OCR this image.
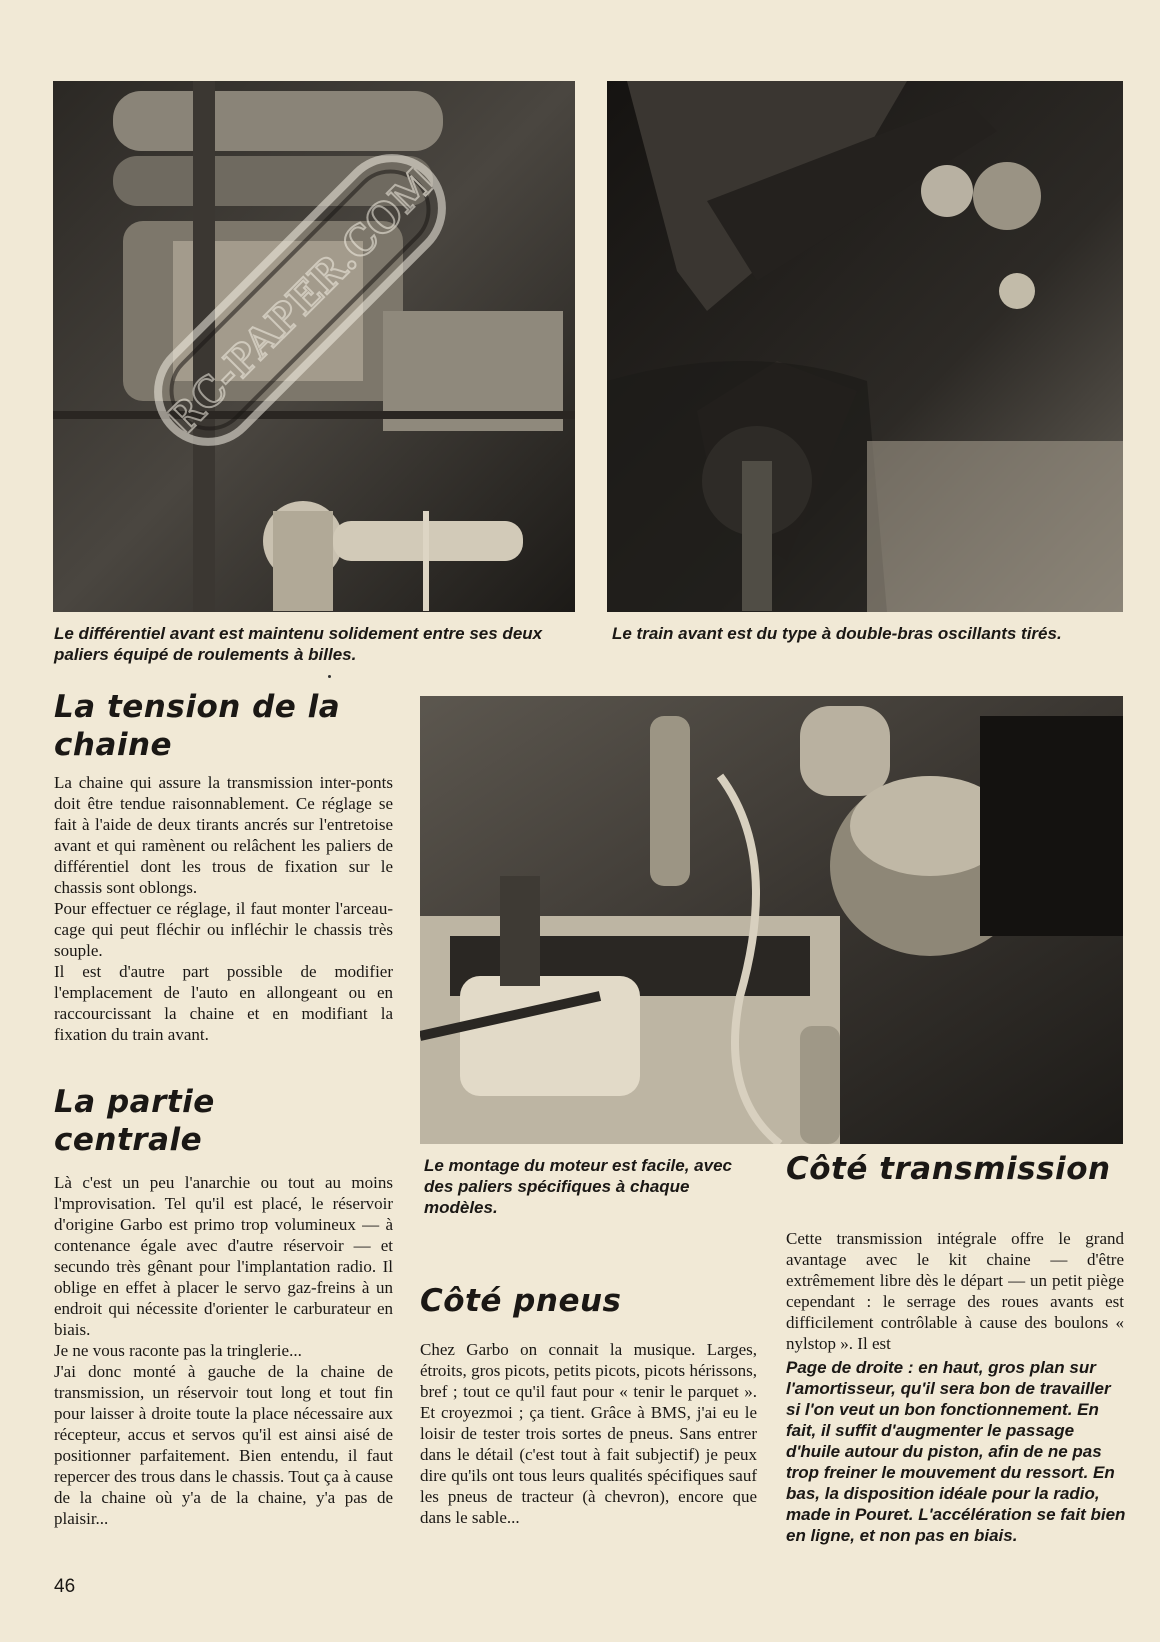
RC-PAPER.COM
Le différentiel avant est maintenu solidement entre ses deux paliers équipé de roulements à billes.
Le train avant est du type à double-bras oscillants tirés.
La tension de la chaine

La chaine qui assure la transmission inter-ponts doit être tendue raisonnablement. Ce réglage se fait à l'aide de deux tirants ancrés sur l'entretoise avant et qui ramènent ou relâchent les paliers de différentiel dont les trous de fixation sur le chassis sont oblongs.

Pour effectuer ce réglage, il faut monter l'arceau-cage qui peut fléchir ou infléchir le chassis très souple.

Il est d'autre part possible de modifier l'emplacement de l'auto en allongeant ou en raccourcissant la chaine et en modifiant la fixation du train avant.

La partie centrale

Là c'est un peu l'anarchie ou tout au moins l'mprovisation. Tel qu'il est placé, le réservoir d'origine Garbo est primo trop volumineux — à contenance égale avec d'autre réservoir — et secundo très gênant pour l'implantation radio. Il oblige en effet à placer le servo gaz-freins à un endroit qui nécessite d'orienter le carburateur en biais.

Je ne vous raconte pas la tringlerie...

J'ai donc monté à gauche de la chaine de transmission, un réservoir tout long et tout fin pour laisser à droite toute la place nécessaire aux récepteur, accus et servos qu'il est ainsi aisé de positionner parfaitement. Bien entendu, il faut repercer des trous dans le chassis. Tout ça à cause de la chaine où y'a de la chaine, y'a pas de plaisir...

Le montage du moteur est facile, avec des paliers spécifiques à chaque modèles.
Côté pneus

Chez Garbo on connait la musique. Larges, étroits, gros picots, petits picots, picots hérissons, bref ; tout ce qu'il faut pour « tenir le parquet ». Et croyezmoi ; ça tient. Grâce à BMS, j'ai eu le loisir de tester trois sortes de pneus. Sans entrer dans le détail (c'est tout à fait subjectif) je peux dire qu'ils ont tous leurs qualités spécifiques sauf les pneus de tracteur (à chevron), encore que dans le sable...

Côté transmission

Cette transmission intégrale offre le grand avantage avec le kit chaine — d'être extrêmement libre dès le départ — un petit piège cependant : le serrage des roues avants est difficilement contrôlable à cause des boulons « nylstop ». Il est

Page de droite : en haut, gros plan sur l'amortisseur, qu'il sera bon de travailler si l'on veut un bon fonctionnement. En fait, il suffit d'augmenter le passage d'huile autour du piston, afin de ne pas trop freiner le mouvement du ressort. En bas, la disposition idéale pour la radio, made in Pouret. L'accélération se fait bien en ligne, et non pas en biais.
46
